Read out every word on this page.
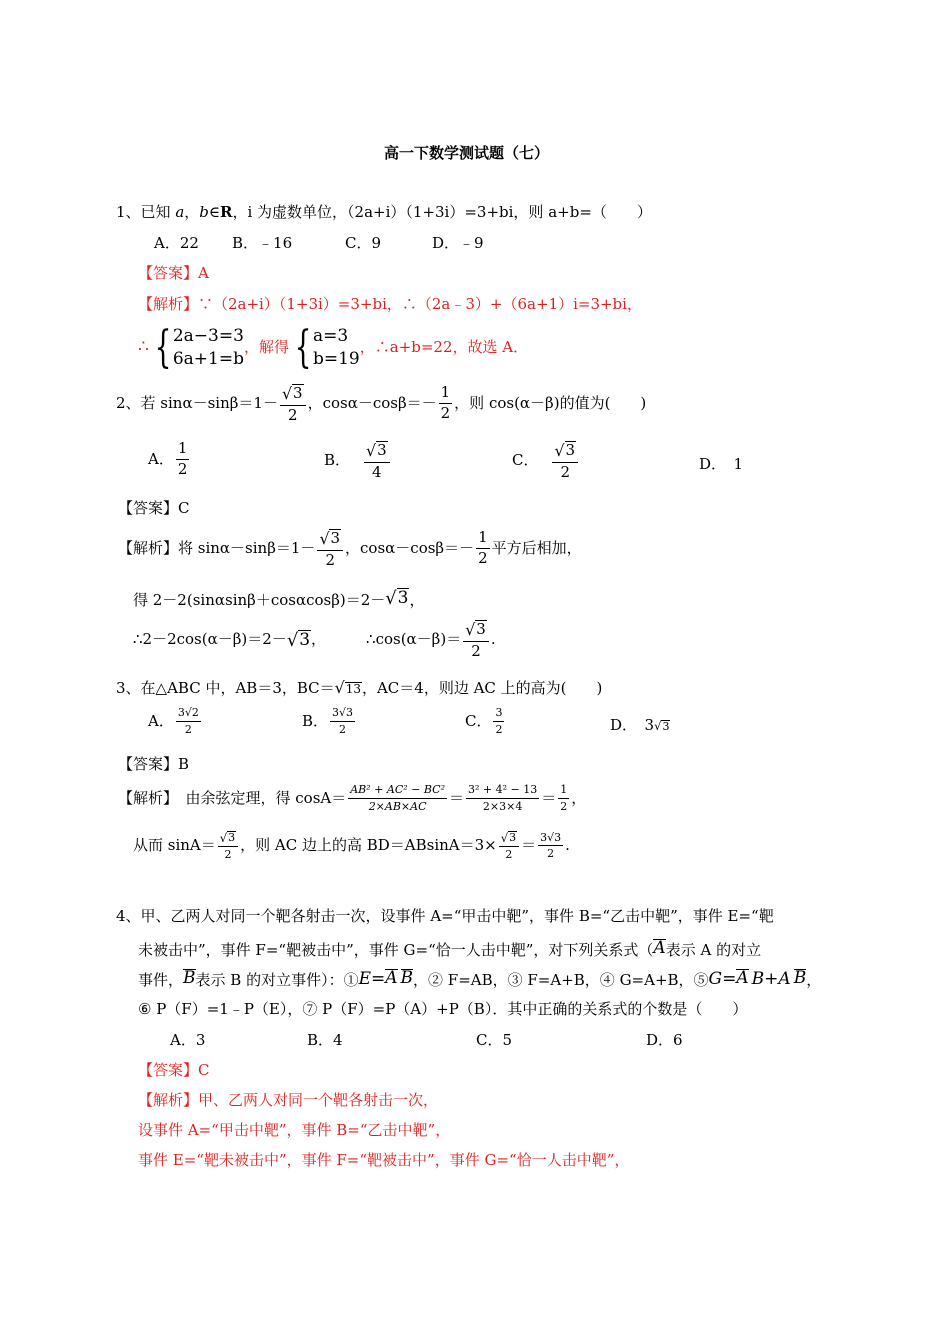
高一下数学测试题（七）
1、已知 a，b∈R，i 为虚数单位，（2a+i）（1+3i）=3+bi，则 a+b=（　　）
A．22 B．﹣16	C．9	D．﹣9
【答案】A
【解析】∵（2a+i）（1+3i）=3+bi，∴（2a﹣3）+（6a+1）i=3+bi，
∴ { 2a−3=3
6a+1=b
，解得 { a=3
b=19
，∴a+b=22，故选 A．
2、若 $\sin\alpha-\sin\beta=1- \frac{√ 3}{2}$ ，$\cos\alpha-\cos\beta=- \frac{1}{2}$ ，则 cos(α－β)的值为(　　)
A． $\frac{1}{2}$	B． $\frac{√ 3}{4}$	C． $\frac{√ 3}{2}$	D．　1
【答案】C
【解析】将 $\sin\alpha-\sin\beta=1- \frac{√ 3}{2}$ ，$\cos\alpha-\cos\beta=- \frac{1}{2}$ 平方后相加，
得 2－2(sinαsinβ＋cosαcosβ)＝2－ √ 3 ，
∴2－2cos(α－β)＝2－ √ 3 ，	∴cos(α－β)＝ $\frac{√ 3}{2}$ .
3、在△ABC 中，AB＝3，BC＝ √ 13 ，AC＝4，则边 AC 上的高为(　　)
A． $\frac{3√2}{2}$	B． $\frac{3√3}{2}$	C． $\frac{3}{2}$	D．　3 √ 3
【答案】B
【解析】　由余弦定理，得 $\cos A= \frac{\text{AB² + AC² − BC²}}{2\times AB\times AC} = \frac{\text{3² + 4² − 13}}{2\times 3\times 4} = \frac{1}{2}$ ，
从而 $\sin A= \frac{√ 3}{2}$ ，则 AC 边上的高 $BD=ABsinA=3\times \frac{√ 3}{2} = \frac{3√3}{2}$ .
4、甲、乙两人对同一个靶各射击一次，设事件 A=“甲击中靶”，事件 B=“乙击中靶”，事件 E=“靶
未被击中”，事件 F=“靶被击中”，事件 G=“恰一人击中靶”，对下列关系式（ A 表示 A 的对立
事件， B 表示 B 的对立事件）：① E = A B ，② F=AB，③ F=A+B，④ G=A+B，⑤ G = A B + A B ，
⑥ P（F）=1﹣P（E），⑦ P（F）=P（A）+P（B）．其中正确的关系式的个数是（　　）
A．3	B．4	C．5	D．6
【答案】C
【解析】甲、乙两人对同一个靶各射击一次，
设事件 A=“甲击中靶”，事件 B=“乙击中靶”，
事件 E=“靶未被击中”，事件 F=“靶被击中”，事件 G=“恰一人击中靶”，
